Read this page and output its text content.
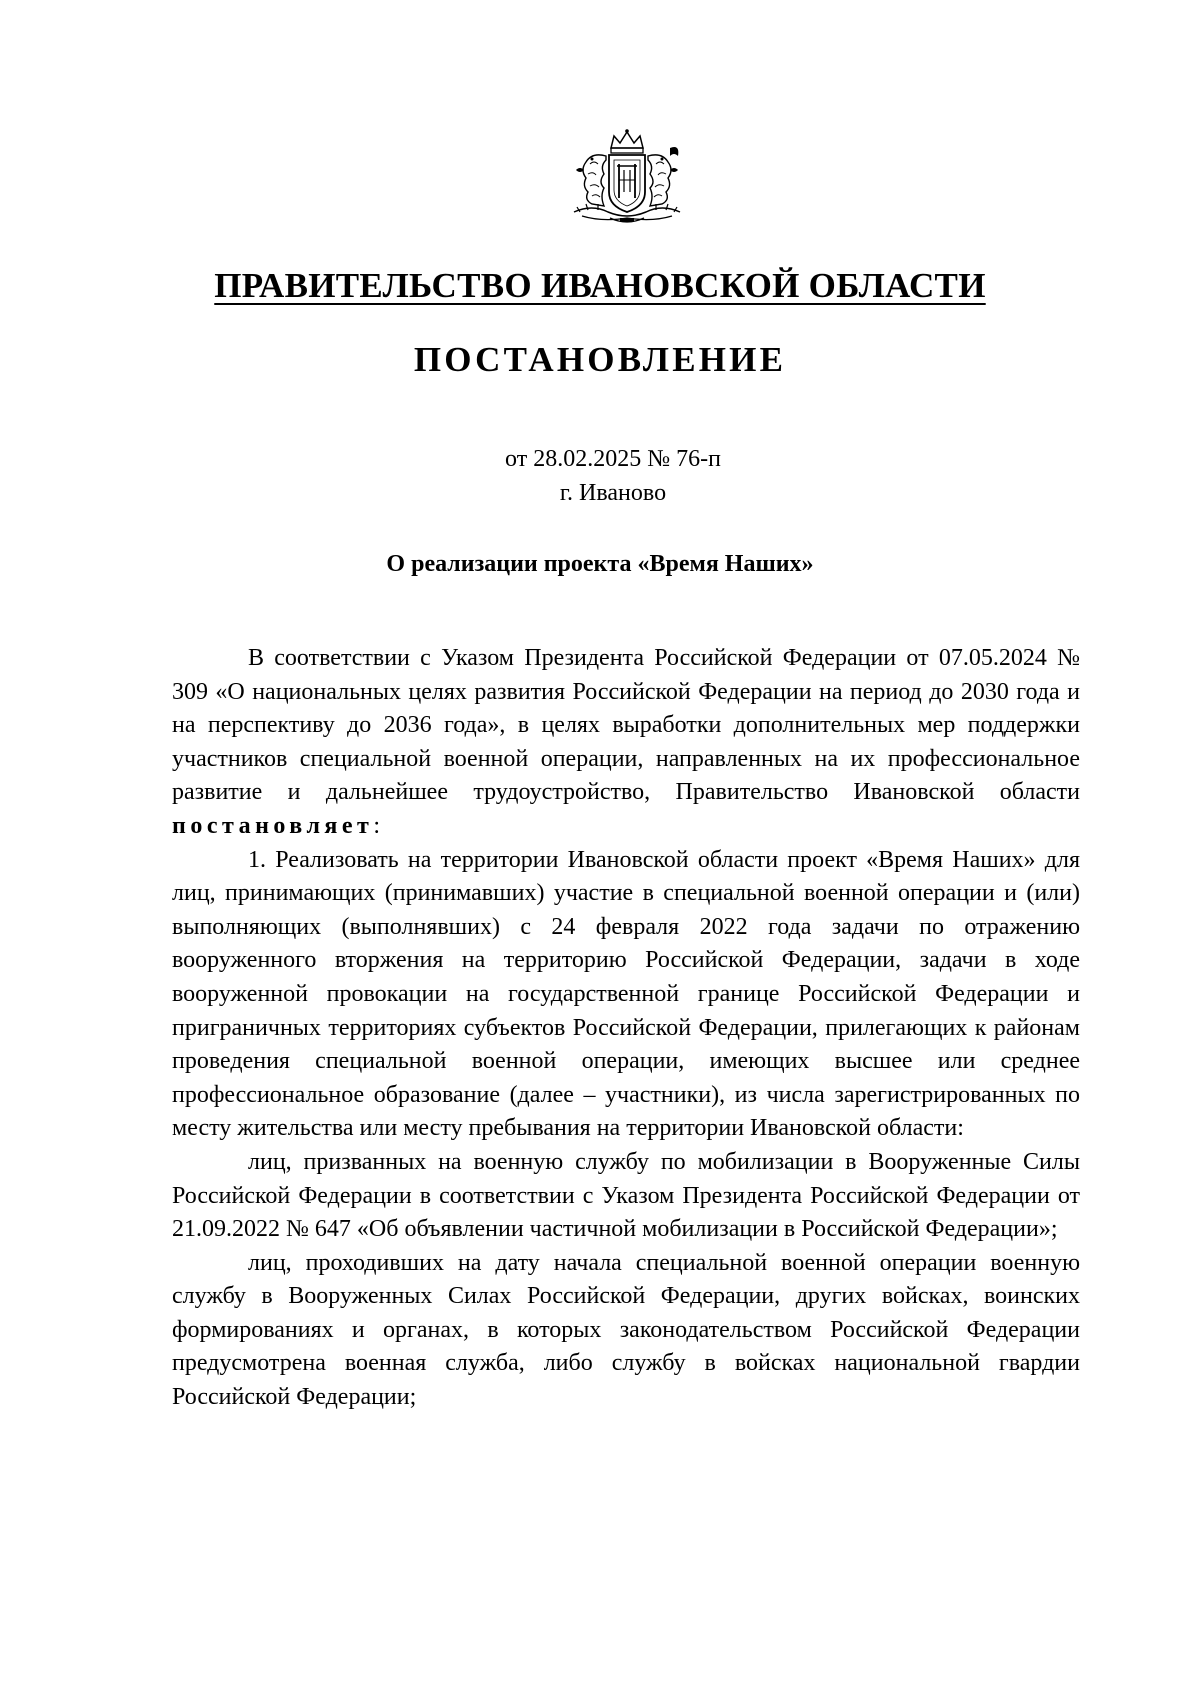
ПРАВИТЕЛЬСТВО ИВАНОВСКОЙ ОБЛАСТИ
ПОСТАНОВЛЕНИЕ
от 28.02.2025 № 76-п
г. Иваново
О реализации проекта «Время Наших»

В соответствии с Указом Президента Российской Федерации от 07.05.2024 № 309 «О национальных целях развития Российской Федерации на период до 2030 года и на перспективу до 2036 года», в целях выработки дополнительных мер поддержки участников специальной военной операции, направленных на их профессиональное развитие и дальнейшее трудоустройство, Правительство Ивановской области постановляет:

1. Реализовать на территории Ивановской области проект «Время Наших» для лиц, принимающих (принимавших) участие в специальной военной операции и (или) выполняющих (выполнявших) с 24 февраля 2022 года задачи по отражению вооруженного вторжения на территорию Российской Федерации, задачи в ходе вооруженной провокации на государственной границе Российской Федерации и приграничных территориях субъектов Российской Федерации, прилегающих к районам проведения специальной военной операции, имеющих высшее или среднее профессиональное образование (далее – участники), из числа зарегистрированных по месту жительства или месту пребывания на территории Ивановской области:

лиц, призванных на военную службу по мобилизации в Вооруженные Силы Российской Федерации в соответствии с Указом Президента Российской Федерации от 21.09.2022 № 647 «Об объявлении частичной мобилизации в Российской Федерации»;

лиц, проходивших на дату начала специальной военной операции военную службу в Вооруженных Силах Российской Федерации, других войсках, воинских формированиях и органах, в которых законодательством Российской Федерации предусмотрена военная служба, либо службу в войсках национальной гвардии Российской Федерации;
